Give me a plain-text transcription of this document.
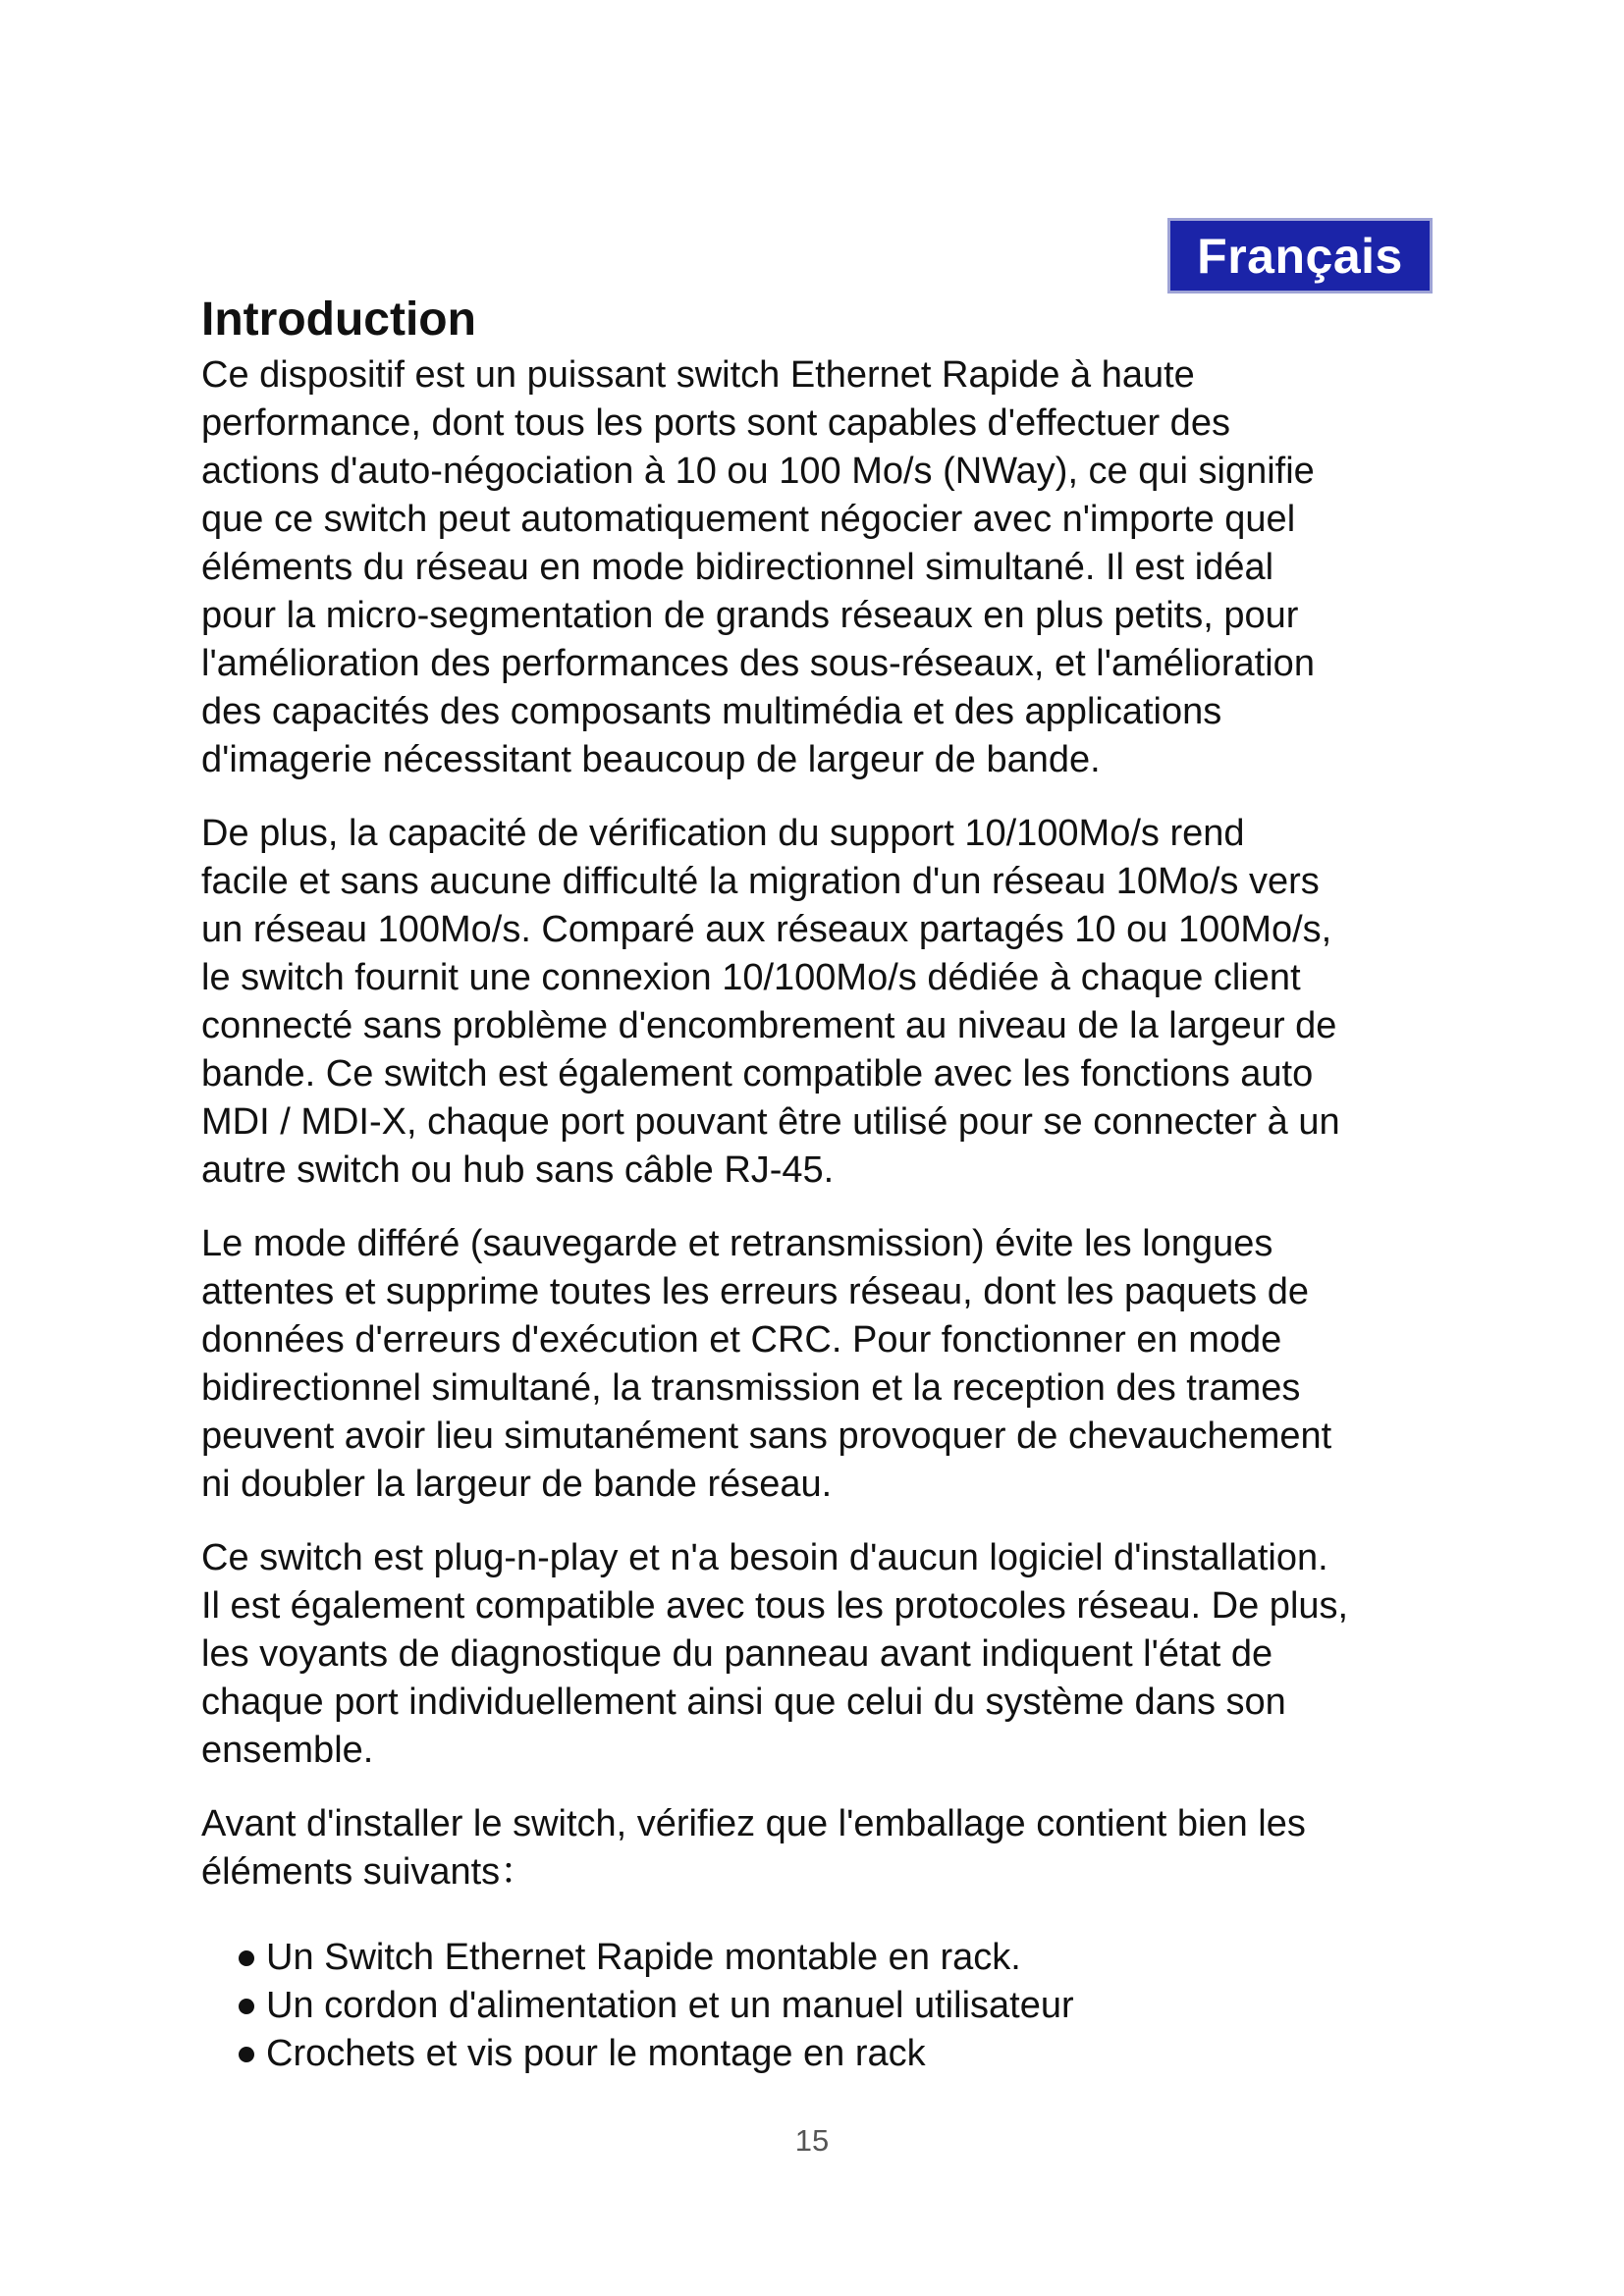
Français
Introduction

Ce dispositif est un puissant switch Ethernet Rapide à haute
performance, dont tous les ports sont capables d'effectuer des
actions d'auto-négociation à 10 ou 100 Mo/s (NWay), ce qui signifie
que ce switch peut automatiquement négocier avec n'importe quel
éléments du réseau en mode bidirectionnel simultané. Il est idéal
pour la micro-segmentation de grands réseaux en plus petits, pour
l'amélioration des performances des sous-réseaux, et l'amélioration
des capacités des composants multimédia et des applications
d'imagerie nécessitant beaucoup de largeur de bande.

De plus, la capacité de vérification du support 10/100Mo/s rend
facile et sans aucune difficulté la migration d'un réseau 10Mo/s vers
un réseau 100Mo/s. Comparé aux réseaux partagés 10 ou 100Mo/s,
le switch fournit une connexion 10/100Mo/s dédiée à chaque client
connecté sans problème d'encombrement au niveau de la largeur de
bande. Ce switch est également compatible avec les fonctions auto
MDI / MDI-X, chaque port pouvant être utilisé pour se connecter à un
autre switch ou hub sans câble RJ-45.

Le mode différé (sauvegarde et retransmission) évite les longues
attentes et supprime toutes les erreurs réseau, dont les paquets de
données d'erreurs d'exécution et CRC. Pour fonctionner en mode
bidirectionnel simultané, la transmission et la reception des trames
peuvent avoir lieu simutanément sans provoquer de chevauchement
ni doubler la largeur de bande réseau.

Ce switch est plug-n-play et n'a besoin d'aucun logiciel d'installation.
Il est également compatible avec tous les protocoles réseau. De plus,
les voyants de diagnostique du panneau avant indiquent l'état de
chaque port individuellement ainsi que celui du système dans son
ensemble.

Avant d'installer le switch, vérifiez que l'emballage contient bien les
éléments suivants：

Un Switch Ethernet Rapide montable en rack.
Un cordon d'alimentation et un manuel utilisateur
Crochets et vis pour le montage en rack
15
